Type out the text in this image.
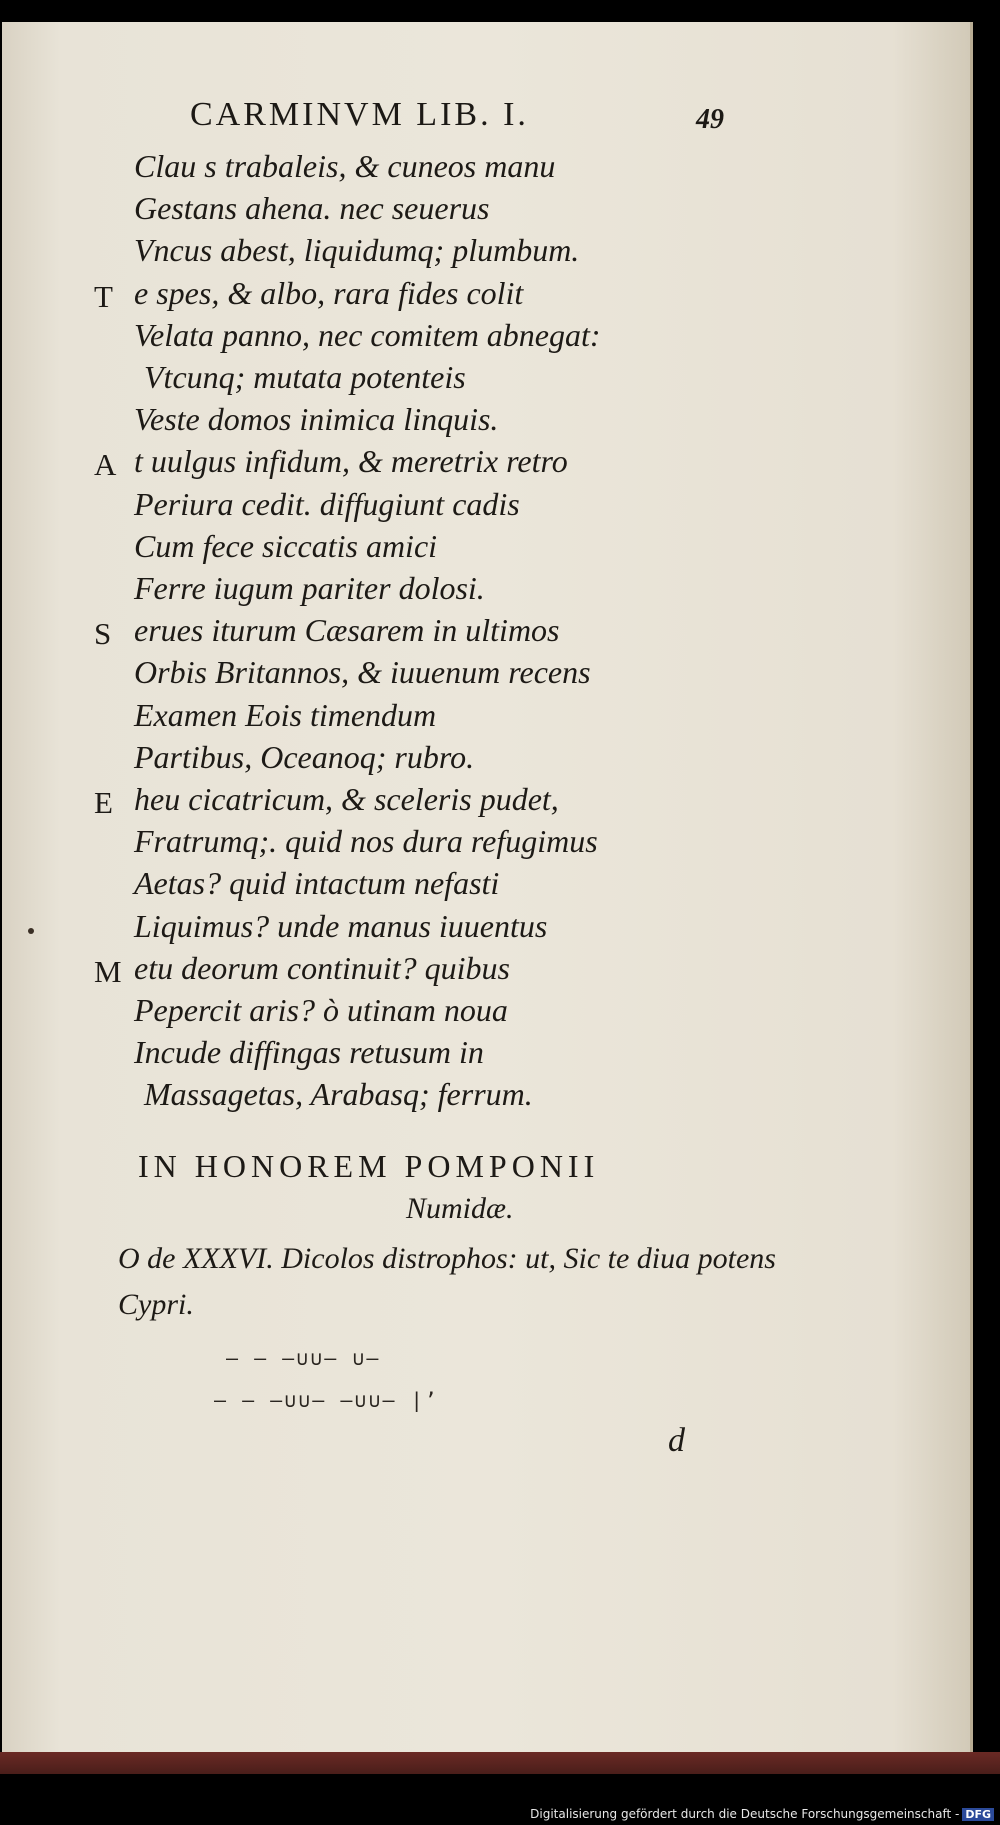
CARMINVM LIB. I.	49
Clau s trabaleis, & cuneos manu
Gestans ahena. nec seuerus
Vncus abest, liquidumq; plumbum.
T e spes, & albo, rara fides colit
Velata panno, nec comitem abnegat:
Vtcunq; mutata potenteis
Veste domos inimica linquis.
A t uulgus infidum, & meretrix retro
Periura cedit. diffugiunt cadis
Cum fece siccatis amici
Ferre iugum pariter dolosi.
S erues iturum Cæsarem in ultimos
Orbis Britannos, & iuuenum recens
Examen Eois timendum
Partibus, Oceanoq; rubro.
E heu cicatricum, & sceleris pudet,
Fratrumq;. quid nos dura refugimus
Aetas? quid intactum nefasti
Liquimus? unde manus iuuentus
M etu deorum continuit? quibus
Pepercit aris? ò utinam noua
Incude diffingas retusum in
Massagetas, Arabasq; ferrum.
IN HONOREM POMPONII
Numidæ.
O de XXXVI. Dicolos distrophos: ut, Sic te diua potens Cypri.
– – –∪∪– ∪–
– – –∪∪– –∪∪– |’
d
Digitalisierung gefördert durch die Deutsche Forschungsgemeinschaft - DFG
